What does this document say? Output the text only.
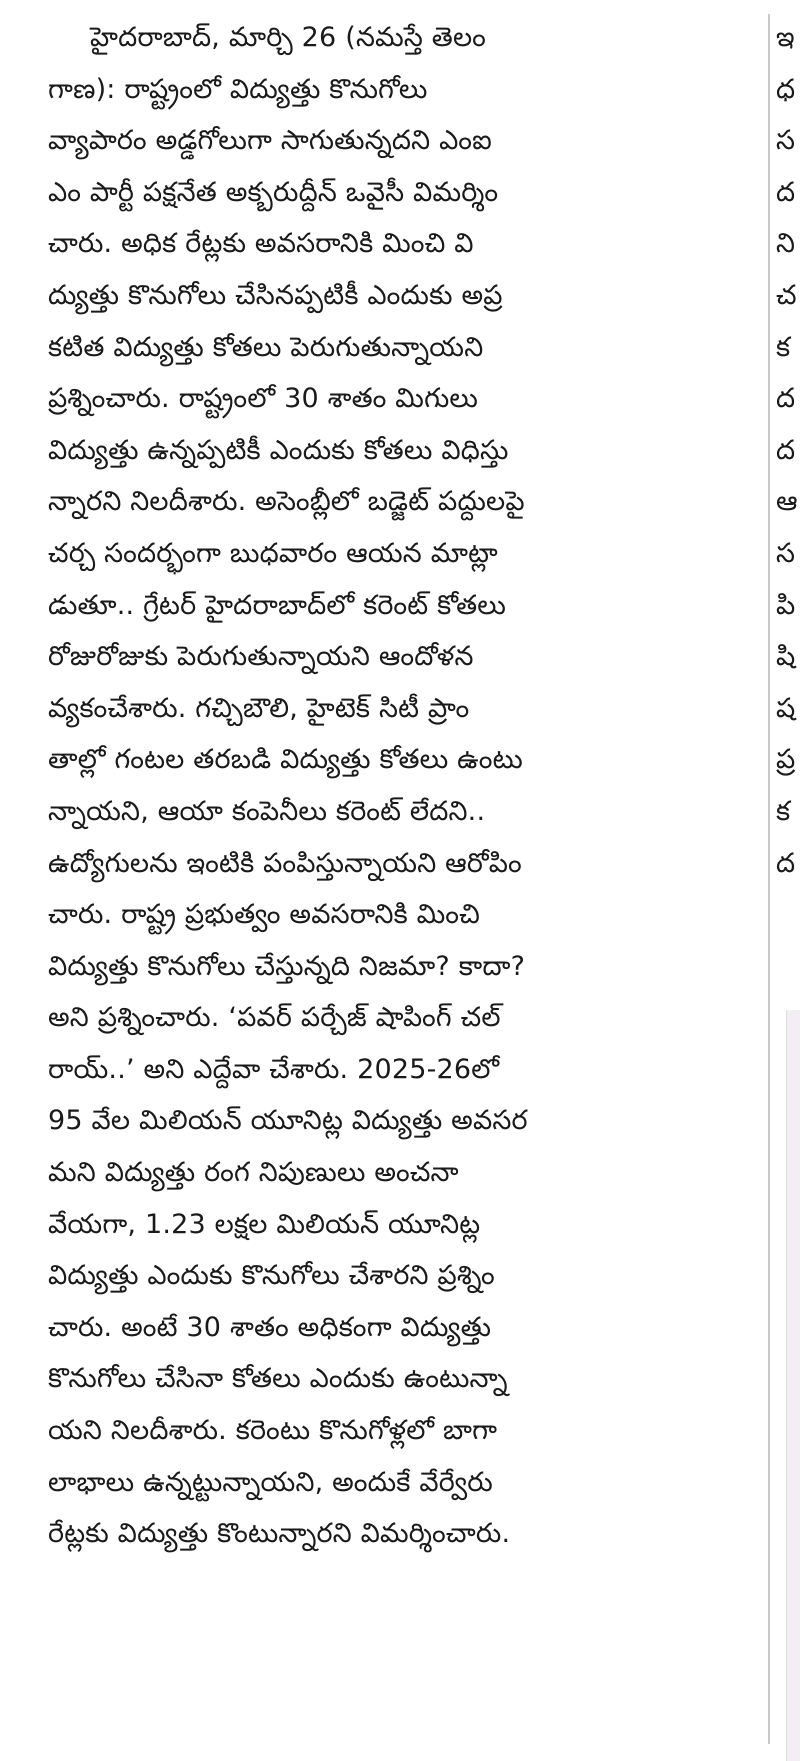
హైదరాబాద్, మార్చి 26 (నమస్తే తెలం
గాణ): రాష్ట్రంలో విద్యుత్తు కొనుగోలు
వ్యాపారం అడ్డగోలుగా సాగుతున్నదని ఎంఐ
ఎం పార్టీ పక్షనేత అక్బరుద్దీన్ ఒవైసీ విమర్శిం
చారు. అధిక రేట్లకు అవసరానికి మించి వి
ద్యుత్తు కొనుగోలు చేసినప్పటికీ ఎందుకు అప్ర
కటిత విద్యుత్తు కోతలు పెరుగుతున్నాయని
ప్రశ్నించారు. రాష్ట్రంలో 30 శాతం మిగులు
విద్యుత్తు ఉన్నప్పటికీ ఎందుకు కోతలు విధిస్తు
న్నారని నిలదీశారు. అసెంబ్లీలో బడ్జెట్ పద్దులపై
చర్చ సందర్భంగా బుధవారం ఆయన మాట్లా
డుతూ.. గ్రేటర్ హైదరాబాద్‌లో కరెంట్ కోతలు
రోజురోజుకు పెరుగుతున్నాయని ఆందోళన
వ్యకంచేశారు. గచ్చిబౌలి, హైటెక్ సిటీ ప్రాం
తాల్లో గంటల తరబడి విద్యుత్తు కోతలు ఉంటు
న్నాయని, ఆయా కంపెనీలు కరెంట్ లేదని..
ఉద్యోగులను ఇంటికి పంపిస్తున్నాయని ఆరోపిం
చారు. రాష్ట్ర ప్రభుత్వం అవసరానికి మించి
విద్యుత్తు కొనుగోలు చేస్తున్నది నిజమా? కాదా?
అని ప్రశ్నించారు. ‘పవర్ పర్చేజ్ షాపింగ్ చల్
రాయ్..’ అని ఎద్దేవా చేశారు. 2025-26లో
95 వేల మిలియన్ యూనిట్ల విద్యుత్తు అవసర
మని విద్యుత్తు రంగ నిపుణులు అంచనా
వేయగా, 1.23 లక్షల మిలియన్ యూనిట్ల
విద్యుత్తు ఎందుకు కొనుగోలు చేశారని ప్రశ్నిం
చారు. అంటే 30 శాతం అధికంగా విద్యుత్తు
కొనుగోలు చేసినా కోతలు ఎందుకు ఉంటున్నా
యని నిలదీశారు. కరెంటు కొనుగోళ్లలో బాగా
లాభాలు ఉన్నట్టున్నాయని, అందుకే వేర్వేరు
రేట్లకు విద్యుత్తు కొంటున్నారని విమర్శించారు.
ఇ
ధ
స
ద
ని
చ
క
ద
ద
ఆ
స
పి
షి
ష
ప్ర
క
ద
